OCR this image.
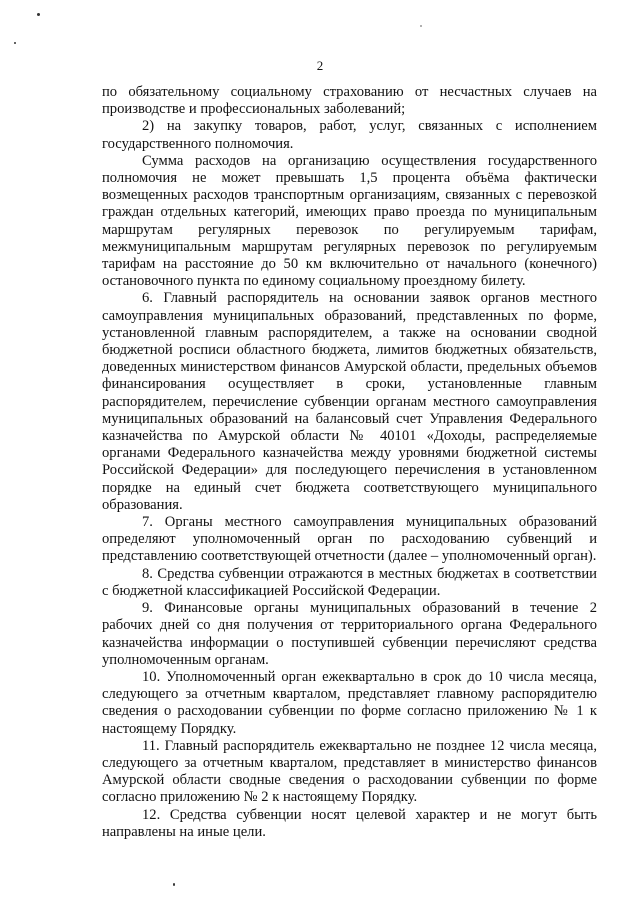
2

по обязательному социальному страхованию от несчастных случаев на производстве и профессиональных заболеваний;

2) на закупку товаров, работ, услуг, связанных с исполнением государственного полномочия.

Сумма расходов на организацию осуществления государственного полномочия не может превышать 1,5 процента объёма фактически возмещенных расходов транспортным организациям, связанных с перевозкой граждан отдельных категорий, имеющих право проезда по муниципальным маршрутам регулярных перевозок по регулируемым тарифам, межмуниципальным маршрутам регулярных перевозок по регулируемым тарифам на расстояние до 50 км включительно от начального (конечного) остановочного пункта по единому социальному проездному билету.

6. Главный распорядитель на основании заявок органов местного самоуправления муниципальных образований, представленных по форме, установленной главным распорядителем, а также на основании сводной бюджетной росписи областного бюджета, лимитов бюджетных обязательств, доведенных министерством финансов Амурской области, предельных объемов финансирования осуществляет в сроки, установленные главным распорядителем, перечисление субвенции органам местного самоуправления муниципальных образований на балансовый счет Управления Федерального казначейства по Амурской области № 40101 «Доходы, распределяемые органами Федерального казначейства между уровнями бюджетной системы Российской Федерации» для последующего перечисления в установленном порядке на единый счет бюджета соответствующего муниципального образования.

7. Органы местного самоуправления муниципальных образований определяют уполномоченный орган по расходованию субвенций и представлению соответствующей отчетности (далее – уполномоченный орган).

8. Средства субвенции отражаются в местных бюджетах в соответствии с бюджетной классификацией Российской Федерации.

9. Финансовые органы муниципальных образований в течение 2 рабочих дней со дня получения от территориального органа Федерального казначейства информации о поступившей субвенции перечисляют средства уполномоченным органам.

10. Уполномоченный орган ежеквартально в срок до 10 числа месяца, следующего за отчетным кварталом, представляет главному распорядителю сведения о расходовании субвенции по форме согласно приложению № 1 к настоящему Порядку.

11. Главный распорядитель ежеквартально не позднее 12 числа месяца, следующего за отчетным кварталом, представляет в министерство финансов Амурской области сводные сведения о расходовании субвенции по форме согласно приложению № 2 к настоящему Порядку.

12. Средства субвенции носят целевой характер и не могут быть направлены на иные цели.
